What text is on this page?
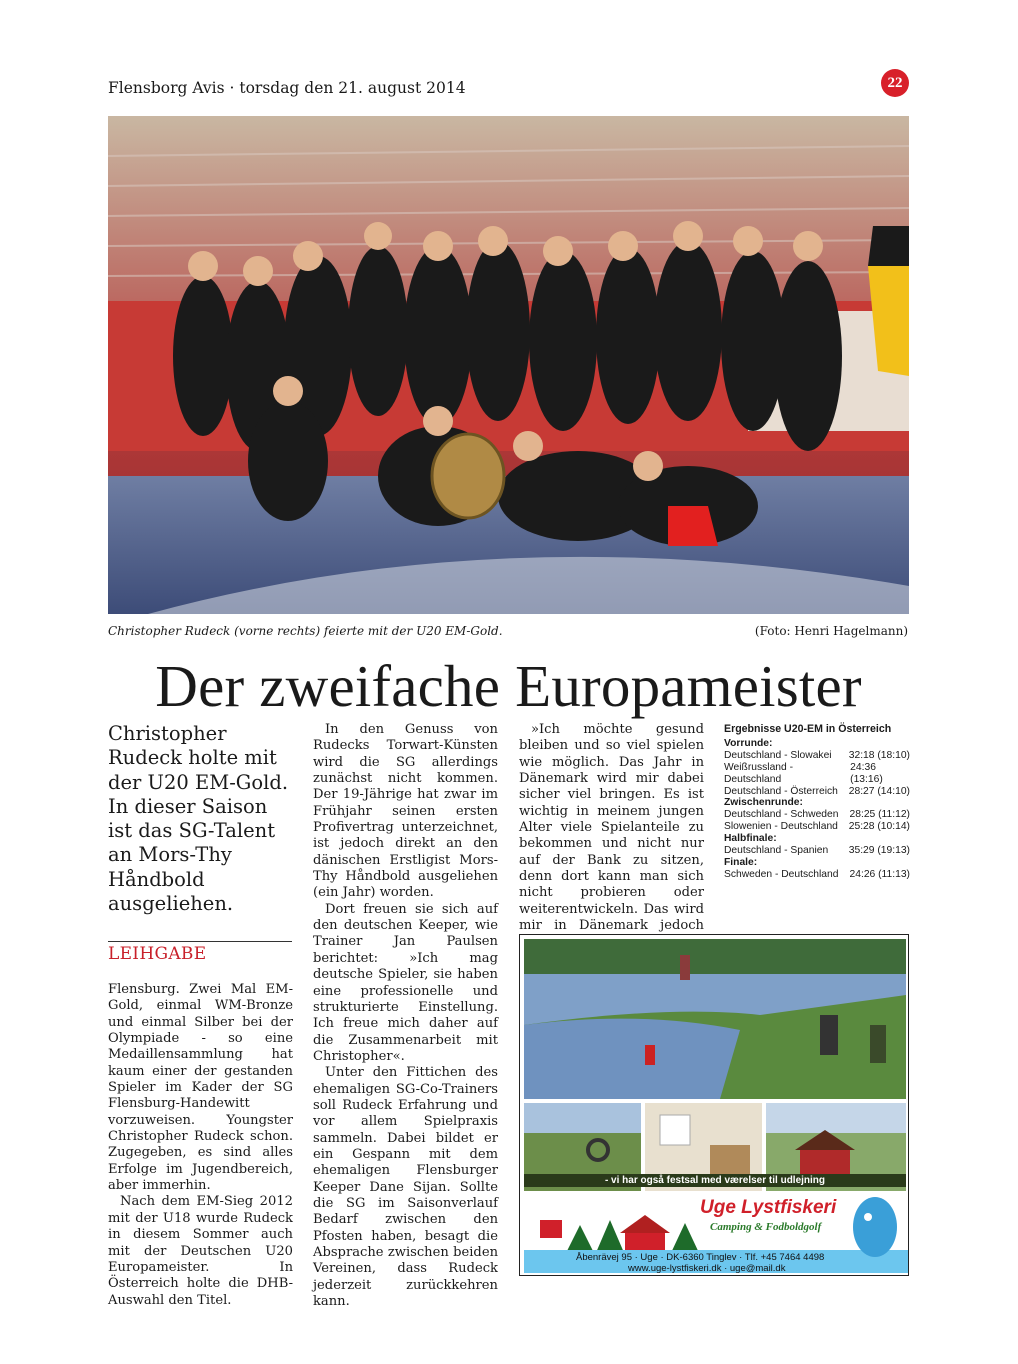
Flensborg Avis · torsdag den 21. august 2014	22
Christopher Rudeck (vorne rechts) feierte mit der U20 EM-Gold.	(Foto: Henri Hagelmann)
Der zweifache Europameister
Christopher Rudeck holte mit der U20 EM-Gold. In dieser Saison ist das SG-Talent an Mors-Thy Håndbold ausgeliehen.
LEIHGABE

Flensburg. Zwei Mal EM-Gold, einmal WM-Bronze und einmal Silber bei der Olympiade - so eine Medaillensammlung hat kaum einer der gestanden Spieler im Kader der SG Flensburg-Handewitt vorzuweisen. Youngster Christopher Rudeck schon. Zugegeben, es sind alles Erfolge im Jugendbereich, aber immerhin.

Nach dem EM-Sieg 2012 mit der U18 wurde Rudeck in diesem Sommer auch mit der Deutschen U20 Europameister. In Österreich holte die DHB-Auswahl den Titel.

In den Genuss von Rudecks Torwart-Künsten wird die SG allerdings zunächst nicht kommen. Der 19-Jährige hat zwar im Frühjahr seinen ersten Profivertrag unterzeichnet, ist jedoch direkt an den dänischen Erstligist Mors-Thy Håndbold ausgeliehen (ein Jahr) worden.

Dort freuen sie sich auf den deutschen Keeper, wie Trainer Jan Paulsen berichtet: »Ich mag deutsche Spieler, sie haben eine professionelle und strukturierte Einstellung. Ich freue mich daher auf die Zusammenarbeit mit Christopher«.

Unter den Fittichen des ehemaligen SG-Co-Trainers soll Rudeck Erfahrung und vor allem Spielpraxis sammeln. Dabei bildet er ein Gespann mit dem ehemaligen Flensburger Keeper Dane Sijan. Sollte die SG im Saisonverlauf Bedarf zwischen den Pfosten haben, besagt die Absprache zwischen beiden Vereinen, dass Rudeck jederzeit zurückkehren kann.

»Ich möchte gesund bleiben und so viel spielen wie möglich. Das Jahr in Dänemark wird mir dabei sicher viel bringen. Es ist wichtig in meinem jungen Alter viele Spielanteile zu bekommen und nicht nur auf der Bank zu sitzen, denn dort kann man sich nicht probieren oder weiterentwickeln. Das wird mir in Dänemark jedoch

Ergebnisse U20-EM in Österreich
Vorrunde:
Deutschland - Slowakei 32:18 (18:10)
Weißrussland - Deutschland
24:36 (13:16)
Deutschland - Österreich 28:27 (14:10)
Zwischenrunde:
Deutschland - Schweden 28:25 (11:12)
Slowenien - Deutschland 25:28 (10:14)
Halbfinale:
Deutschland - Spanien 35:29 (19:13)
Finale:
Schweden - Deutschland 24:26 (11:13)
- vi har også festsal med værelser til udlejning
Uge Lystfiskeri
Camping & Fodboldgolf
Åbenrävej 95 · Uge · DK-6360 Tinglev · Tlf. +45 7464 4498
www.uge-lystfiskeri.dk · uge@mail.dk
